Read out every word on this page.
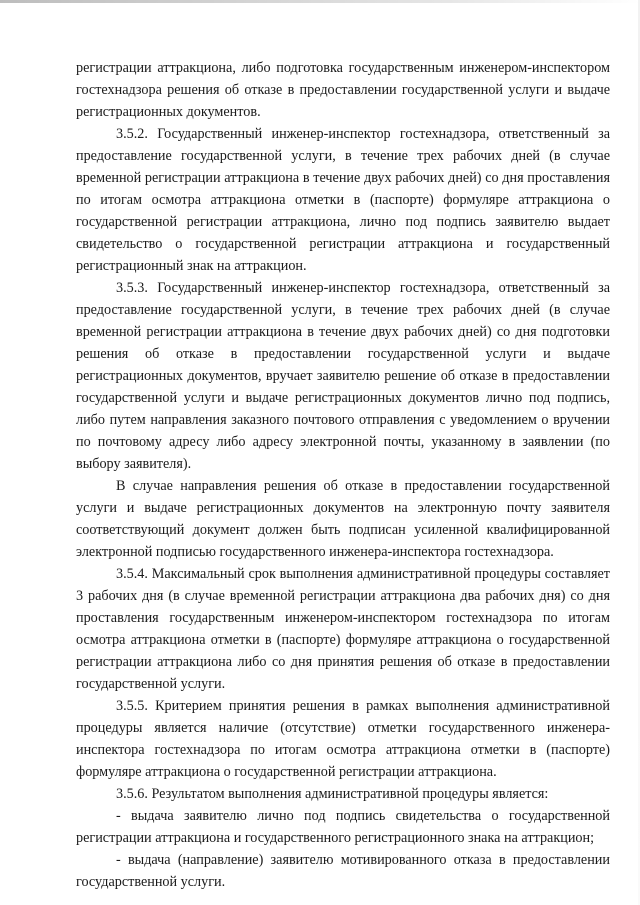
регистрации аттракциона, либо подготовка государственным инженером-инспектором гостехнадзора решения об отказе в предоставлении государственной услуги и выдаче регистрационных документов.

3.5.2. Государственный инженер-инспектор гостехнадзора, ответственный за предоставление государственной услуги, в течение трех рабочих дней (в случае временной регистрации аттракциона в течение двух рабочих дней) со дня проставления по итогам осмотра аттракциона отметки в (паспорте) формуляре аттракциона о государственной регистрации аттракциона, лично под подпись заявителю выдает свидетельство о государственной регистрации аттракциона и государственный регистрационный знак на аттракцион.

3.5.3. Государственный инженер-инспектор гостехнадзора, ответственный за предоставление государственной услуги, в течение трех рабочих дней (в случае временной регистрации аттракциона в течение двух рабочих дней) со дня подготовки решения об отказе в предоставлении государственной услуги и выдаче регистрационных документов, вручает заявителю решение об отказе в предоставлении государственной услуги и выдаче регистрационных документов лично под подпись, либо путем направления заказного почтового отправления с уведомлением о вручении по почтовому адресу либо адресу электронной почты, указанному в заявлении (по выбору заявителя).

В случае направления решения об отказе в предоставлении государственной услуги и выдаче регистрационных документов на электронную почту заявителя соответствующий документ должен быть подписан усиленной квалифицированной электронной подписью государственного инженера-инспектора гостехнадзора.

3.5.4. Максимальный срок выполнения административной процедуры составляет 3 рабочих дня (в случае временной регистрации аттракциона два рабочих дня) со дня проставления государственным инженером-инспектором гостехнадзора по итогам осмотра аттракциона отметки в (паспорте) формуляре аттракциона о государственной регистрации аттракциона либо со дня принятия решения об отказе в предоставлении государственной услуги.

3.5.5. Критерием принятия решения в рамках выполнения административной процедуры является наличие (отсутствие) отметки государственного инженера-инспектора гостехнадзора по итогам осмотра аттракциона отметки в (паспорте) формуляре аттракциона о государственной регистрации аттракциона.

3.5.6. Результатом выполнения административной процедуры является:

- выдача заявителю лично под подпись свидетельства о государственной регистрации аттракциона и государственного регистрационного знака на аттракцион;

- выдача (направление) заявителю мотивированного отказа в предоставлении государственной услуги.
